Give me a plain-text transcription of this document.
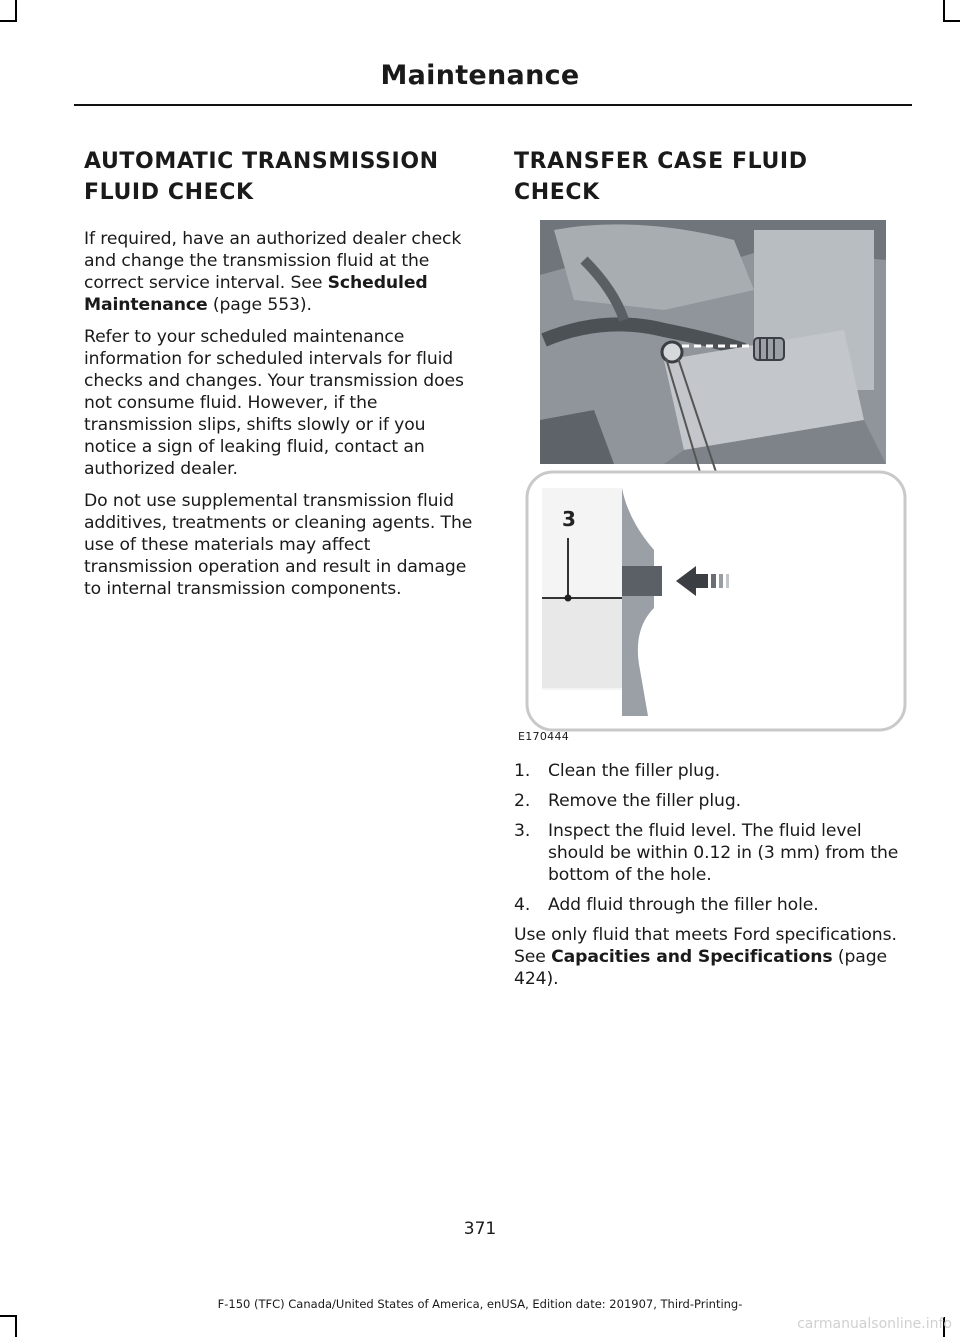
Maintenance
AUTOMATIC TRANSMISSION
FLUID CHECK

If required, have an authorized dealer check and change the transmission fluid at the correct service interval. See Scheduled Maintenance (page 553).

Refer to your scheduled maintenance information for scheduled intervals for fluid checks and changes. Your transmission does not consume fluid. However, if the transmission slips, shifts slowly or if you notice a sign of leaking fluid, contact an authorized dealer.

Do not use supplemental transmission fluid additives, treatments or cleaning agents. The use of these materials may affect transmission operation and result in damage to internal transmission components.

TRANSFER CASE FLUID
CHECK
3
E170444
1. Clean the filler plug.
2. Remove the filler plug.
3. Inspect the fluid level. The fluid level should be within 0.12 in (3 mm) from the bottom of the hole.
4. Add fluid through the filler hole.

Use only fluid that meets Ford specifications. See Capacities and Specifications (page 424).

371
F-150 (TFC) Canada/United States of America, enUSA, Edition date: 201907, Third-Printing-
carmanualsonline.info
